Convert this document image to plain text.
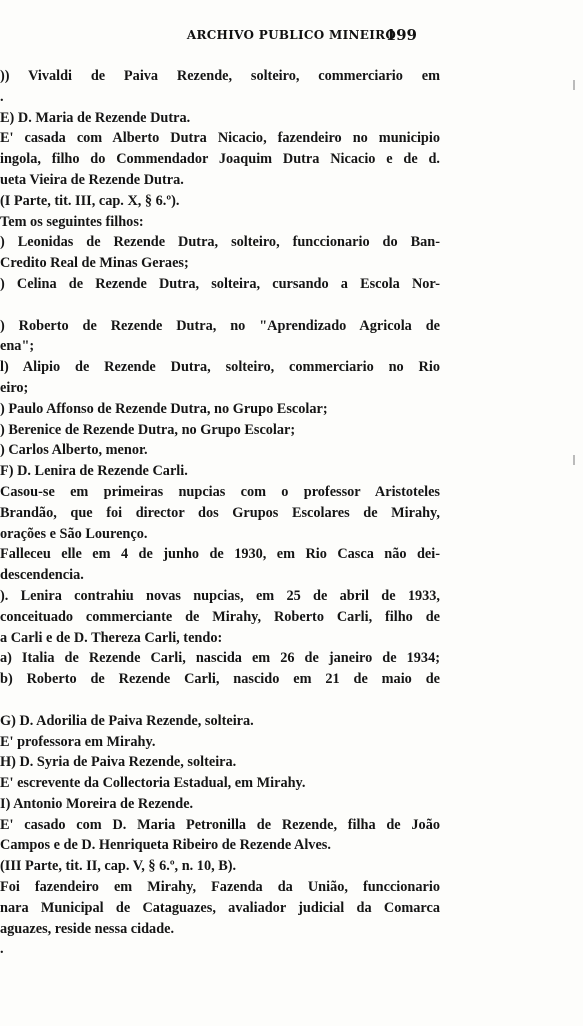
ARCHIVO PUBLICO MINEIRO
199
)) Vivaldi de Paiva Rezende, solteiro, commerciario em
.
E) D. Maria de Rezende Dutra.
E' casada com Alberto Dutra Nicacio, fazendeiro no municipio
ingola, filho do Commendador Joaquim Dutra Nicacio e de d.
ueta Vieira de Rezende Dutra.
(I Parte, tit. III, cap. X, § 6.º).
Tem os seguintes filhos:
) Leonidas de Rezende Dutra, solteiro, funccionario do Ban-
Credito Real de Minas Geraes;
) Celina de Rezende Dutra, solteira, cursando a Escola Nor-
) Roberto de Rezende Dutra, no "Aprendizado Agricola de
ena";
l) Alipio de Rezende Dutra, solteiro, commerciario no Rio
eiro;
) Paulo Affonso de Rezende Dutra, no Grupo Escolar;
) Berenice de Rezende Dutra, no Grupo Escolar;
) Carlos Alberto, menor.
F) D. Lenira de Rezende Carli.
Casou-se em primeiras nupcias com o professor Aristoteles
Brandão, que foi director dos Grupos Escolares de Mirahy,
orações e São Lourenço.
Falleceu elle em 4 de junho de 1930, em Rio Casca não dei-
descendencia.
). Lenira contrahiu novas nupcias, em 25 de abril de 1933,
conceituado commerciante de Mirahy, Roberto Carli, filho de
a Carli e de D. Thereza Carli, tendo:
a) Italia de Rezende Carli, nascida em 26 de janeiro de 1934;
b) Roberto de Rezende Carli, nascido em 21 de maio de
G) D. Adorilia de Paiva Rezende, solteira.
E' professora em Mirahy.
H) D. Syria de Paiva Rezende, solteira.
E' escrevente da Collectoria Estadual, em Mirahy.
I) Antonio Moreira de Rezende.
E' casado com D. Maria Petronilla de Rezende, filha de João
Campos e de D. Henriqueta Ribeiro de Rezende Alves.
(III Parte, tit. II, cap. V, § 6.º, n. 10, B).
Foi fazendeiro em Mirahy, Fazenda da União, funccionario
nara Municipal de Cataguazes, avaliador judicial da Comarca
aguazes, reside nessa cidade.
.
